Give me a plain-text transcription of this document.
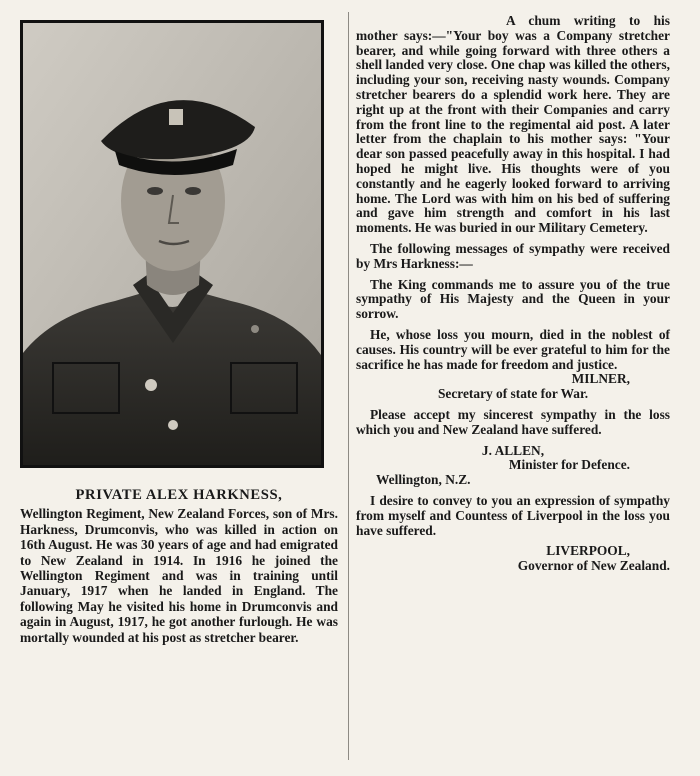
PRIVATE ALEX HARKNESS,
Wellington Regiment, New Zealand Forces, son of Mrs. Harkness, Drumconvis, who was killed in action on 16th August. He was 30 years of age and had emigrated to New Zealand in 1914. In 1916 he joined the Wellington Regiment and was in training until January, 1917 when he landed in England. The following May he visited his home in Drumconvis and again in August, 1917, he got another furlough. He was mortally wounded at his post as stretcher bearer.

A chum writing to his mother says:—"Your boy was a Company stretcher bearer, and while going forward with three others a shell landed very close. One chap was killed the others, including your son, receiving nasty wounds. Company stretcher bearers do a splendid work here. They are right up at the front with their Companies and carry from the front line to the regimental aid post. A later letter from the chaplain to his mother says: "Your dear son passed peacefully away in this hospital. I had hoped he might live. His thoughts were of you constantly and he eagerly looked forward to arriving home. The Lord was with him on his bed of suffering and gave him strength and comfort in his last moments. He was buried in our Military Cemetery.

The following messages of sympathy were received by Mrs Harkness:—

The King commands me to assure you of the true sympathy of His Majesty and the Queen in your sorrow.

He, whose loss you mourn, died in the noblest of causes. His country will be ever grateful to him for the sacrifice he has made for freedom and justice.

MILNER,

Secretary of state for War.

Please accept my sincerest sympathy in the loss which you and New Zealand have suffered.

J. ALLEN,

Minister for Defence.

Wellington, N.Z.

I desire to convey to you an expression of sympathy from myself and Countess of Liverpool in the loss you have suffered.

LIVERPOOL,

Governor of New Zealand.
